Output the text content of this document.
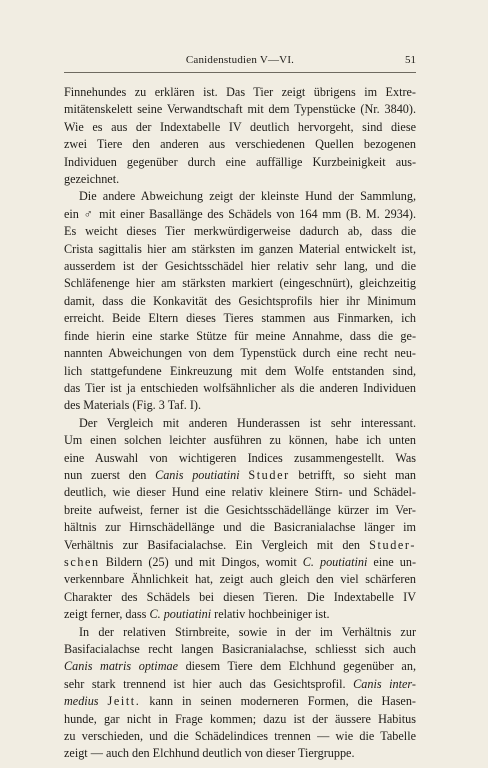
Canidenstudien V—VI.	51
Finnehundes zu erklären ist. Das Tier zeigt übrigens im Extre-
mitätenskelett seine Verwandtschaft mit dem Typenstücke (Nr. 3840).
Wie es aus der Indextabelle IV deutlich hervorgeht, sind diese
zwei Tiere den anderen aus verschiedenen Quellen bezogenen
Individuen gegenüber durch eine auffällige Kurzbeinigkeit aus-
gezeichnet.
Die andere Abweichung zeigt der kleinste Hund der Sammlung,
ein ♂ mit einer Basallänge des Schädels von 164 mm (B. M. 2934).
Es weicht dieses Tier merkwürdigerweise dadurch ab, dass die
Crista sagittalis hier am stärksten im ganzen Material entwickelt ist,
ausserdem ist der Gesichtsschädel hier relativ sehr lang, und die
Schläfenenge hier am stärksten markiert (eingeschnürt), gleichzeitig
damit, dass die Konkavität des Gesichtsprofils hier ihr Minimum
erreicht. Beide Eltern dieses Tieres stammen aus Finmarken, ich
finde hierin eine starke Stütze für meine Annahme, dass die ge-
nannten Abweichungen von dem Typenstück durch eine recht neu-
lich stattgefundene Einkreuzung mit dem Wolfe entstanden sind,
das Tier ist ja entschieden wolfsähnlicher als die anderen Individuen
des Materials (Fig. 3 Taf. I).
Der Vergleich mit anderen Hunderassen ist sehr interessant.
Um einen solchen leichter ausführen zu können, habe ich unten
eine Auswahl von wichtigeren Indices zusammengestellt. Was
nun zuerst den Canis poutiatini Studer betrifft, so sieht man
deutlich, wie dieser Hund eine relativ kleinere Stirn- und Schädel-
breite aufweist, ferner ist die Gesichtsschädellänge kürzer im Ver-
hältnis zur Hirnschädellänge und die Basicranialachse länger im
Verhältnis zur Basifacialachse. Ein Vergleich mit den Studer-
schen Bildern (25) und mit Dingos, womit C. poutiatini eine un-
verkennbare Ähnlichkeit hat, zeigt auch gleich den viel schärferen
Charakter des Schädels bei diesen Tieren. Die Indextabelle IV
zeigt ferner, dass C. poutiatini relativ hochbeiniger ist.
In der relativen Stirnbreite, sowie in der im Verhältnis zur
Basifacialachse recht langen Basicranialachse, schliesst sich auch
Canis matris optimae diesem Tiere dem Elchhund gegenüber an,
sehr stark trennend ist hier auch das Gesichtsprofil. Canis inter-
medius Jeitt. kann in seinen moderneren Formen, die Hasen-
hunde, gar nicht in Frage kommen; dazu ist der äussere Habitus
zu verschieden, und die Schädelindices trennen — wie die Tabelle
zeigt — auch den Elchhund deutlich von dieser Tiergruppe.
